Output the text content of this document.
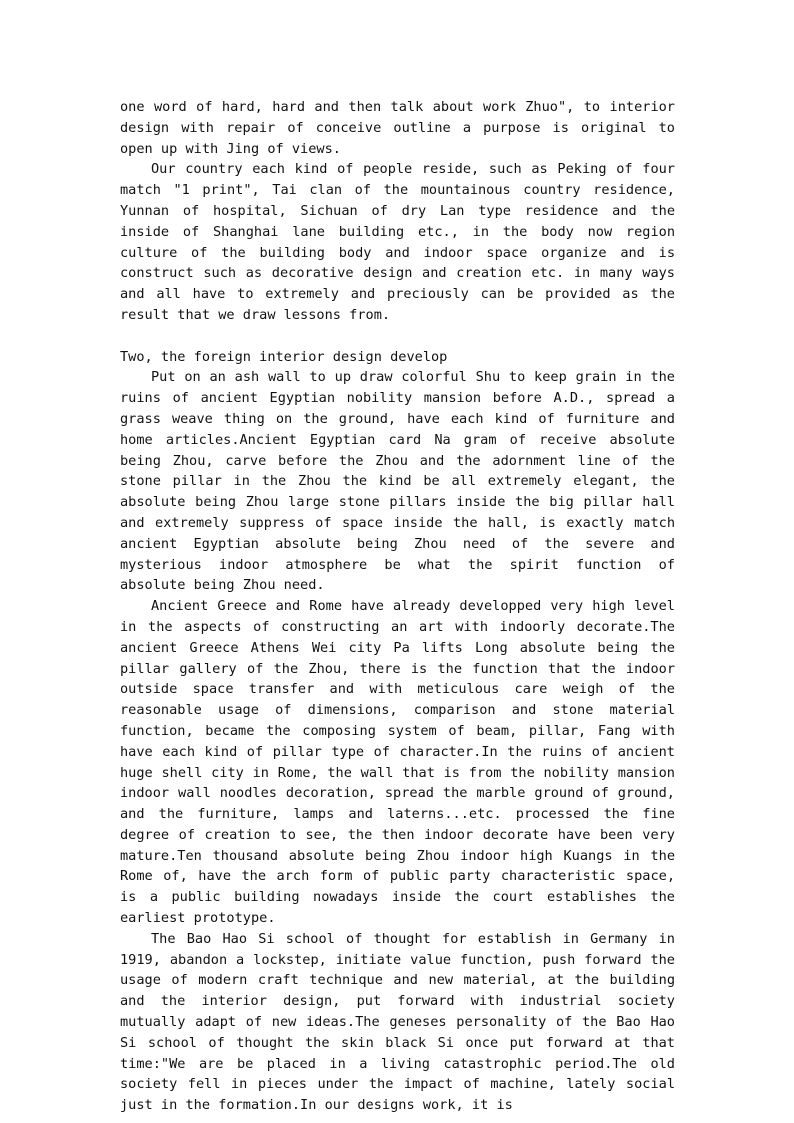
one word of hard, hard and then talk about work Zhuo", to interior design with repair of conceive outline a purpose is original to open up with Jing of views.

Our country each kind of people reside, such as Peking of four match "1 print", Tai clan of the mountainous country residence, Yunnan of hospital, Sichuan of dry Lan type residence and the inside of Shanghai lane building etc., in the body now region culture of the building body and indoor space organize and is construct such as decorative design and creation etc. in many ways and all have to extremely and preciously can be provided as the result that we draw lessons from.

Two, the foreign interior design develop

Put on an ash wall to up draw colorful Shu to keep grain in the ruins of ancient Egyptian nobility mansion before A.D., spread a grass weave thing on the ground, have each kind of furniture and home articles.Ancient Egyptian card Na gram of receive absolute being Zhou, carve before the Zhou and the adornment line of the stone pillar in the Zhou the kind be all extremely elegant, the absolute being Zhou large stone pillars inside the big pillar hall and extremely suppress of space inside the hall, is exactly match ancient Egyptian absolute being Zhou need of the severe and mysterious indoor atmosphere be what the spirit function of absolute being Zhou need.

Ancient Greece and Rome have already developped very high level in the aspects of constructing an art with indoorly decorate.The ancient Greece Athens Wei city Pa lifts Long absolute being the pillar gallery of the Zhou, there is the function that the indoor outside space transfer and with meticulous care weigh of the reasonable usage of dimensions, comparison and stone material function, became the composing system of beam, pillar, Fang with have each kind of pillar type of character.In the ruins of ancient huge shell city in Rome, the wall that is from the nobility mansion indoor wall noodles decoration, spread the marble ground of ground, and the furniture, lamps and laterns...etc. processed the fine degree of creation to see, the then indoor decorate have been very mature.Ten thousand absolute being Zhou indoor high Kuangs in the Rome of, have the arch form of public party characteristic space, is a public building nowadays inside the court establishes the earliest prototype.

The Bao Hao Si school of thought for establish in Germany in 1919, abandon a lockstep, initiate value function, push forward the usage of modern craft technique and new material, at the building and the interior design, put forward with industrial society mutually adapt of new ideas.The geneses personality of the Bao Hao Si school of thought the skin black Si once put forward at that time:"We are be placed in a living catastrophic period.The old society fell in pieces under the impact of machine, lately social just in the formation.In our designs work, it is
